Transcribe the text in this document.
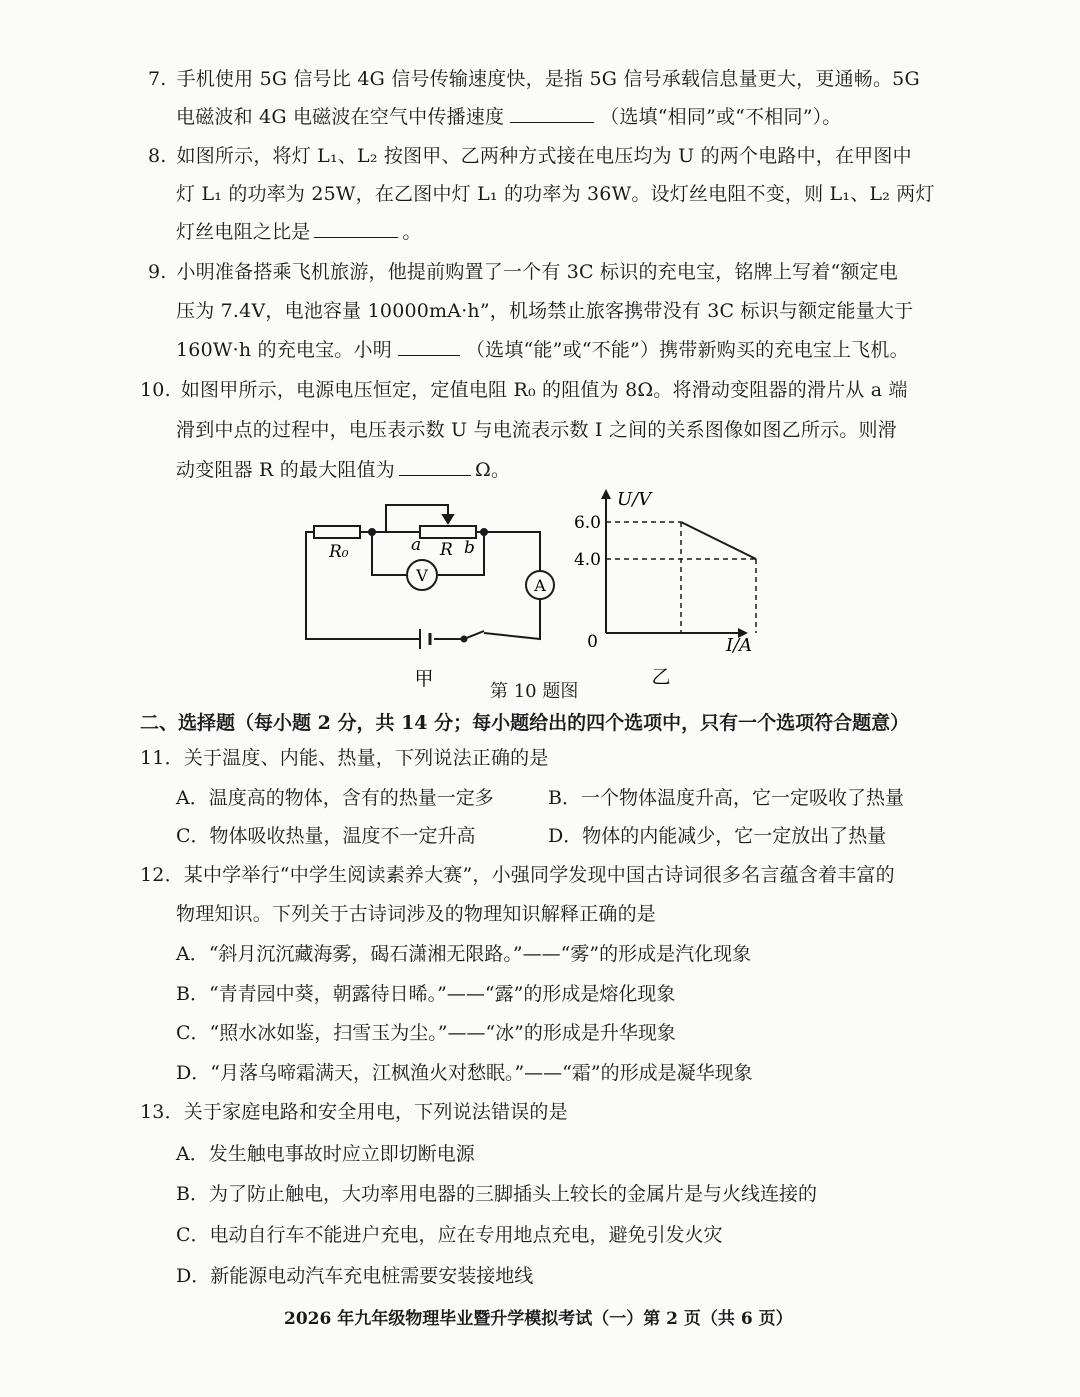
7. 手机使用 5G 信号比 4G 信号传输速度快，是指 5G 信号承载信息量更大，更通畅。5G
电磁波和 4G 电磁波在空气中传播速度	（选填“相同”或“不相同”）。
8. 如图所示，将灯 L₁、L₂ 按图甲、乙两种方式接在电压均为 U 的两个电路中，在甲图中
灯 L₁ 的功率为 25W，在乙图中灯 L₁ 的功率为 36W。设灯丝电阻不变，则 L₁、L₂ 两灯
灯丝电阻之比是	。
9. 小明准备搭乘飞机旅游，他提前购置了一个有 3C 标识的充电宝，铭牌上写着“额定电
压为 7.4V，电池容量 10000mA·h”，机场禁止旅客携带没有 3C 标识与额定能量大于
160W·h 的充电宝。小明	（选填“能”或“不能”）携带新购买的充电宝上飞机。
10. 如图甲所示，电源电压恒定，定值电阻 R₀ 的阻值为 8Ω。将滑动变阻器的滑片从 a 端
滑到中点的过程中，电压表示数 U 与电流表示数 I 之间的关系图像如图乙所示。则滑
动变阻器 R 的最大阻值为	Ω。
R₀	a R b
V
A
甲
U/V
I/A
0
6.0
4.0
乙
第 10 题图
二、选择题（每小题 2 分，共 14 分；每小题给出的四个选项中，只有一个选项符合题意）
11．关于温度、内能、热量，下列说法正确的是
A．温度高的物体，含有的热量一定多	B．一个物体温度升高，它一定吸收了热量
C．物体吸收热量，温度不一定升高	D．物体的内能减少，它一定放出了热量
12．某中学举行“中学生阅读素养大赛”，小强同学发现中国古诗词很多名言蕴含着丰富的
物理知识。下列关于古诗词涉及的物理知识解释正确的是
A．“斜月沉沉藏海雾，碣石潇湘无限路。”——“雾”的形成是汽化现象
B．“青青园中葵，朝露待日晞。”——“露”的形成是熔化现象
C．“照水冰如鉴，扫雪玉为尘。”——“冰”的形成是升华现象
D．“月落乌啼霜满天，江枫渔火对愁眠。”——“霜”的形成是凝华现象
13．关于家庭电路和安全用电，下列说法错误的是
A．发生触电事故时应立即切断电源
B．为了防止触电，大功率用电器的三脚插头上较长的金属片是与火线连接的
C．电动自行车不能进户充电，应在专用地点充电，避免引发火灾
D．新能源电动汽车充电桩需要安装接地线
2026 年九年级物理毕业暨升学模拟考试（一）第 2 页（共 6 页）
